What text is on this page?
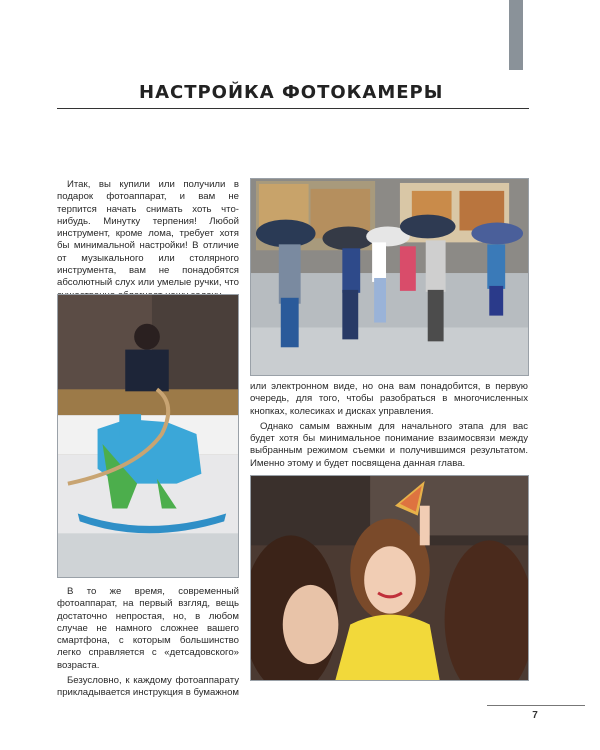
НАСТРОЙКА ФОТОКАМЕРЫ

Итак, вы купили или получили в подарок фотоаппарат, и вам не терпится начать снимать хоть что-нибудь. Минутку терпения! Любой инструмент, кроме лома, требует хотя бы минимальной настройки! В отличие от музыкального или столярного инструмента, вам не понадобятся абсолютный слух или умелые ручки, что

или электронном виде, но она вам понадобится, в первую очередь, для того, чтобы разобраться в многочисленных кнопках, колесиках и дисках управления.

Однако самым важным для начального этапа для вас будет хотя бы минимальное понимание взаимосвязи между выбранным режимом съемки и получившимся результатом. Именно этому и будет посвящена данная глава.

В то же время, современный фотоаппарат, на первый взгляд, вещь достаточно непростая, но, в любом случае не намного сложнее вашего смартфона, с которым большинство легко справляется с «детсадовского» возраста.

Безусловно, к каждому фотоаппарату прикладывается инструкция в бумажном

7
